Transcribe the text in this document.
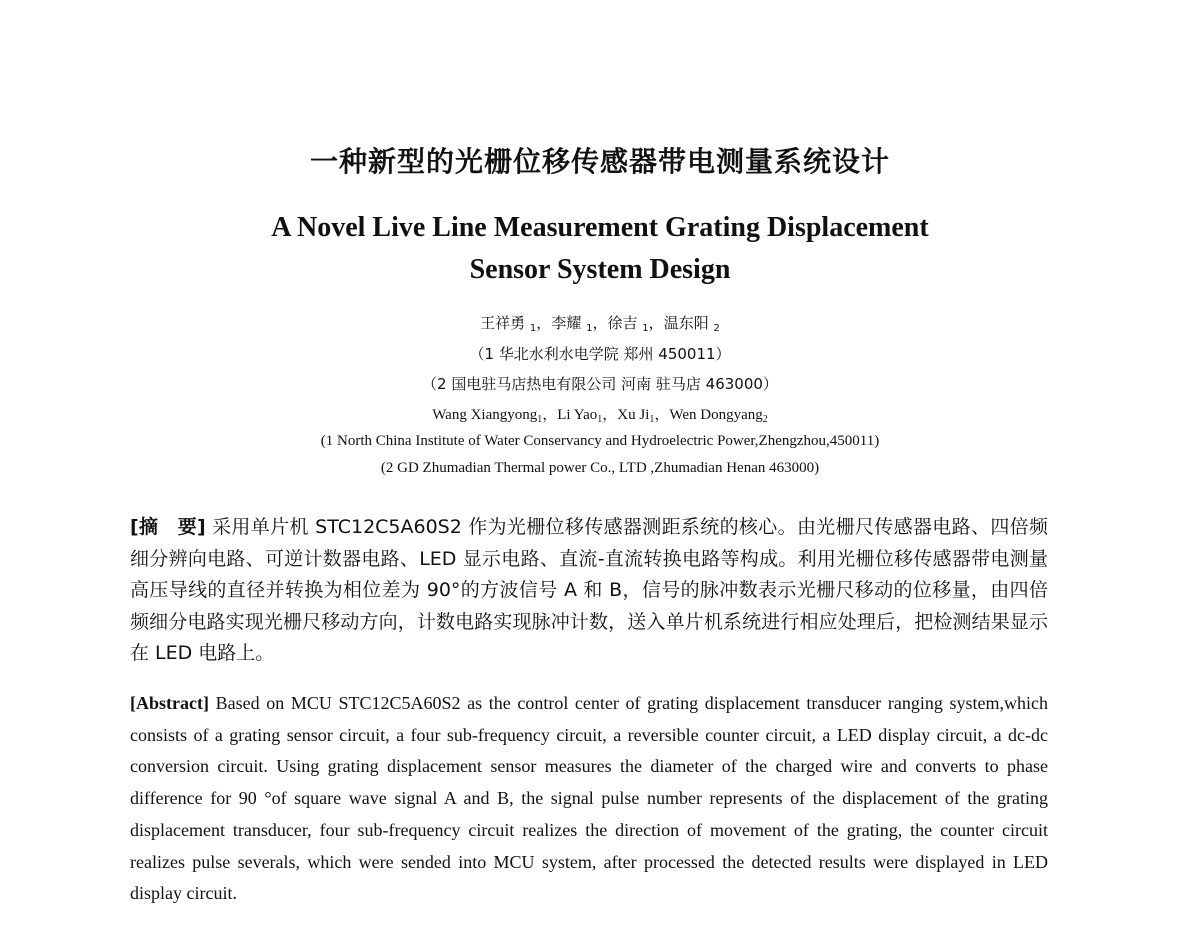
一种新型的光栅位移传感器带电测量系统设计
A Novel Live Line Measurement Grating Displacement
Sensor System Design
王祥勇 $_1$，李耀 $_1$，徐吉 $_1$，温东阳 $_2$
（1 华北水利水电学院 郑州 450011）
（2 国电驻马店热电有限公司 河南 驻马店 463000）
Wang Xiangyong$_1$，Li Yao$_1$，Xu $Ji_1$，Wen Dongyang$_2$
(1 North China Institute of Water Conservancy and Hydroelectric Power,Zhengzhou,450011)
(2 GD Zhumadian Thermal power Co., LTD ,Zhumadian Henan 463000)
[摘　要] 采用单片机 STC12C5A60S2 作为光栅位移传感器测距系统的核心。由光栅尺传感器电路、四倍频细分辨向电路、可逆计数器电路、LED 显示电路、直流-直流转换电路等构成。利用光栅位移传感器带电测量高压导线的直径并转换为相位差为 90°的方波信号 A 和 B，信号的脉冲数表示光栅尺移动的位移量，由四倍频细分电路实现光栅尺移动方向，计数电路实现脉冲计数，送入单片机系统进行相应处理后，把检测结果显示在 LED 电路上。
[Abstract] Based on MCU STC12C5A60S2 as the control center of grating displacement transducer ranging system,which consists of a grating sensor circuit, a four sub-frequency circuit, a reversible counter circuit, a LED display circuit, a dc-dc conversion circuit. Using grating displacement sensor measures the diameter of the charged wire and converts to phase difference for 90 °of square wave signal A and B, the signal pulse number represents of the displacement of the grating displacement transducer, four sub-frequency circuit realizes the direction of movement of the grating, the counter circuit realizes pulse severals, which were sended into MCU system, after processed the detected results were displayed in LED display circuit.
